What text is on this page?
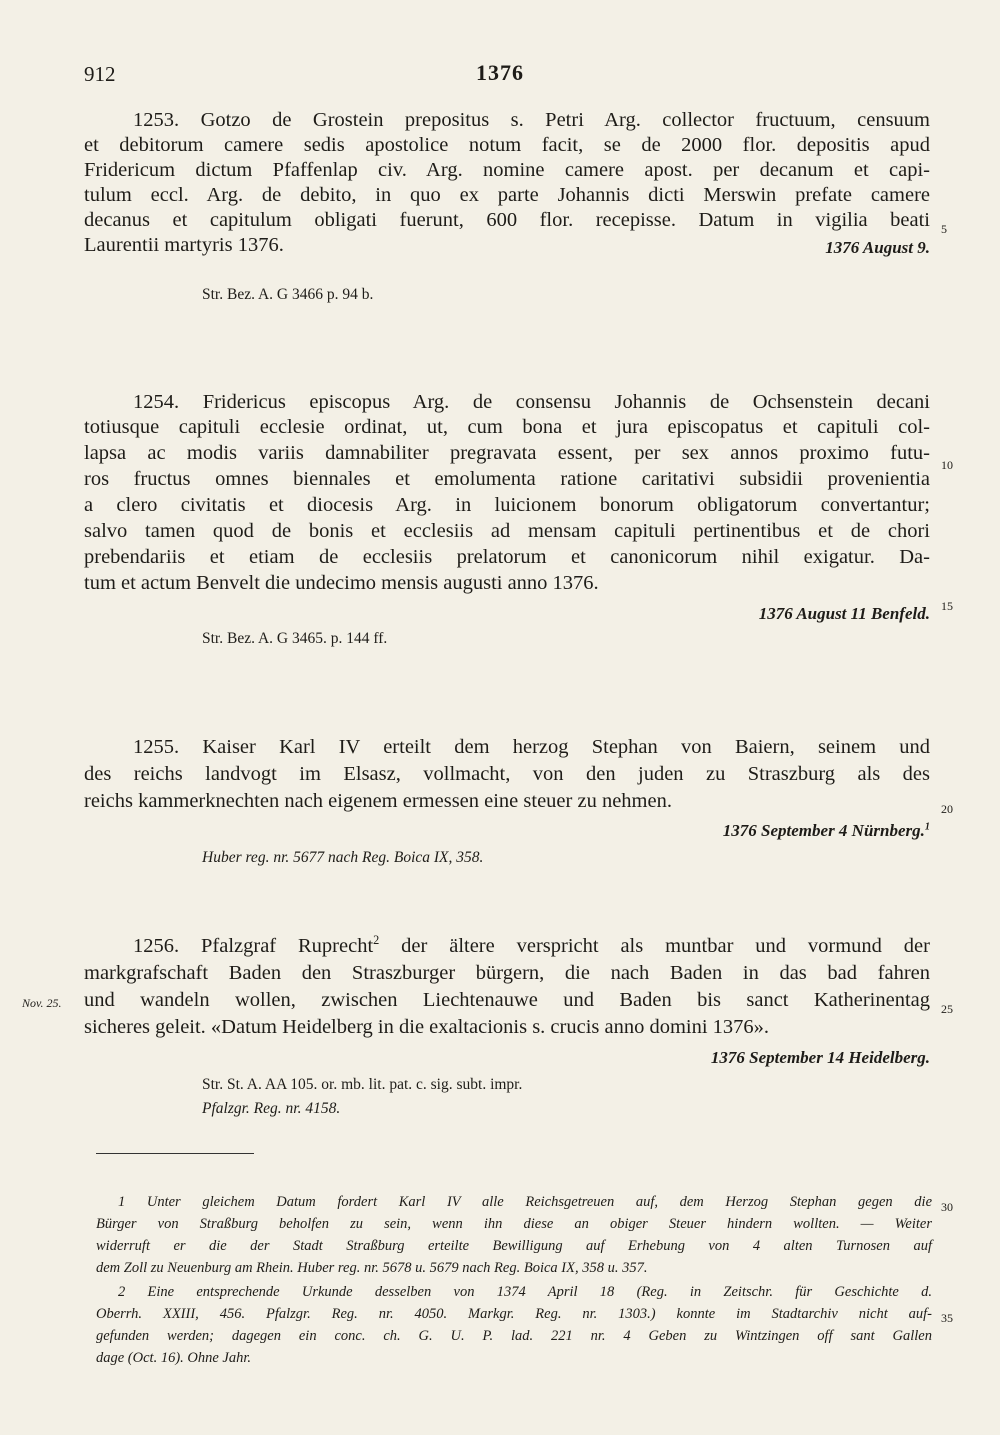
912	1376
1253. Gotzo de Grostein prepositus s. Petri Arg. collector fructuum, censuum
et debitorum camere sedis apostolice notum facit, se de 2000 flor. depositis apud
Fridericum dictum Pfaffenlap civ. Arg. nomine camere apost. per decanum et capi-
tulum eccl. Arg. de debito, in quo ex parte Johannis dicti Merswin prefate camere
decanus et capitulum obligati fuerunt, 600 flor. recepisse. Datum in vigilia beati
Laurentii martyris 1376.	1376 August 9.
Str. Bez. A. G 3466 p. 94 b.
1254. Fridericus episcopus Arg. de consensu Johannis de Ochsenstein decani
totiusque capituli ecclesie ordinat, ut, cum bona et jura episcopatus et capituli col-
lapsa ac modis variis damnabiliter pregravata essent, per sex annos proximo futu-
ros fructus omnes biennales et emolumenta ratione caritativi subsidii provenientia
a clero civitatis et diocesis Arg. in luicionem bonorum obligatorum convertantur;
salvo tamen quod de bonis et ecclesiis ad mensam capituli pertinentibus et de chori
prebendariis et etiam de ecclesiis prelatorum et canonicorum nihil exigatur. Da-
tum et actum Benvelt die undecimo mensis augusti anno 1376.
1376 August 11 Benfeld.
Str. Bez. A. G 3465. p. 144 ff.
1255. Kaiser Karl IV erteilt dem herzog Stephan von Baiern, seinem und
des reichs landvogt im Elsasz, vollmacht, von den juden zu Straszburg als des
reichs kammerknechten nach eigenem ermessen eine steuer zu nehmen.
1376 September 4 Nürnberg.$^1$
Huber reg. nr. 5677 nach Reg. Boica IX, 358.
1256. Pfalzgraf Ruprecht$^2$ der ältere verspricht als muntbar und vormund der
markgrafschaft Baden den Straszburger bürgern, die nach Baden in das bad fahren
und wandeln wollen, zwischen Liechtenauwe und Baden bis sanct Katherinentag
sicheres geleit. «Datum Heidelberg in die exaltacionis s. crucis anno domini 1376».
1376 September 14 Heidelberg.
Str. St. A. AA 105. or. mb. lit. pat. c. sig. subt. impr.
Pfalzgr. Reg. nr. 4158.
5
10
15
20
25
30
35
Nov. 25.
1 Unter gleichem Datum fordert Karl IV alle Reichsgetreuen auf, dem Herzog Stephan gegen die
Bürger von Straßburg beholfen zu sein, wenn ihn diese an obiger Steuer hindern wollten. — Weiter
widerruft er die der Stadt Straßburg erteilte Bewilligung auf Erhebung von 4 alten Turnosen auf
dem Zoll zu Neuenburg am Rhein. Huber reg. nr. 5678 u. 5679 nach Reg. Boica IX, 358 u. 357.
2 Eine entsprechende Urkunde desselben von 1374 April 18 (Reg. in Zeitschr. für Geschichte d.
Oberrh. XXIII, 456. Pfalzgr. Reg. nr. 4050. Markgr. Reg. nr. 1303.) konnte im Stadtarchiv nicht auf-
gefunden werden; dagegen ein conc. ch. G. U. P. lad. 221 nr. 4 Geben zu Wintzingen off sant Gallen
dage (Oct. 16). Ohne Jahr.
